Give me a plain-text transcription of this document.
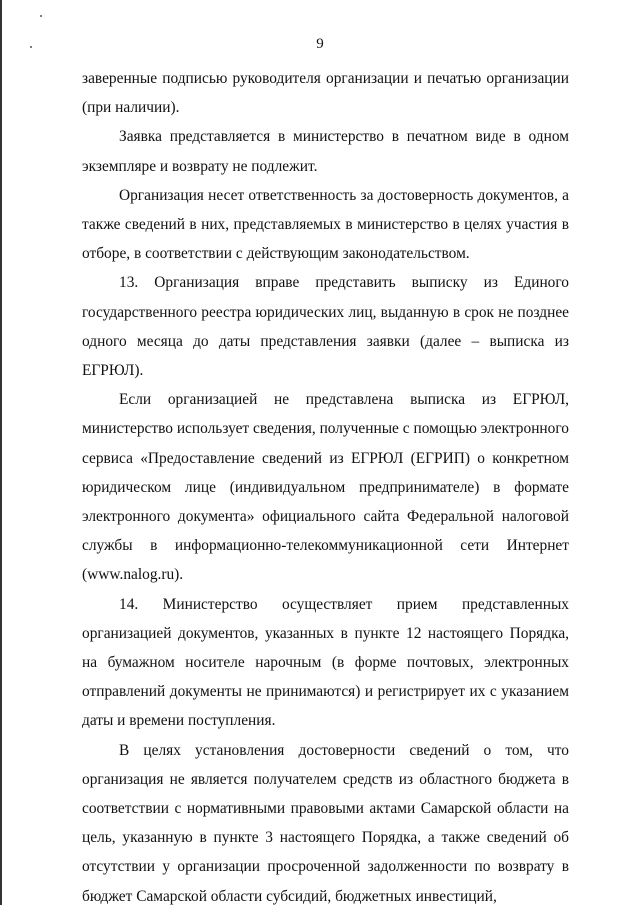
9

заверенные подписью руководителя организации и печатью организации (при наличии).

Заявка представляется в министерство в печатном виде в одном экземпляре и возврату не подлежит.

Организация несет ответственность за достоверность документов, а также сведений в них, представляемых в министерство в целях участия в отборе, в соответствии с действующим законодательством.

13. Организация вправе представить выписку из Единого государственного реестра юридических лиц, выданную в срок не позднее одного месяца до даты представления заявки (далее – выписка из ЕГРЮЛ).

Если организацией не представлена выписка из ЕГРЮЛ, министерство использует сведения, полученные с помощью электронного сервиса «Предоставление сведений из ЕГРЮЛ (ЕГРИП) о конкретном юридическом лице (индивидуальном предпринимателе) в формате электронного документа» официального сайта Федеральной налоговой службы в информационно-телекоммуникационной сети Интернет (www.nalog.ru).

14. Министерство осуществляет прием представленных организацией документов, указанных в пункте 12 настоящего Порядка, на бумажном носителе нарочным (в форме почтовых, электронных отправлений документы не принимаются) и регистрирует их с указанием даты и времени поступления.

В целях установления достоверности сведений о том, что организация не является получателем средств из областного бюджета в соответствии с нормативными правовыми актами Самарской области на цель, указанную в пункте 3 настоящего Порядка, а также сведений об отсутствии у организации просроченной задолженности по возврату в бюджет Самарской области субсидий, бюджетных инвестиций,
